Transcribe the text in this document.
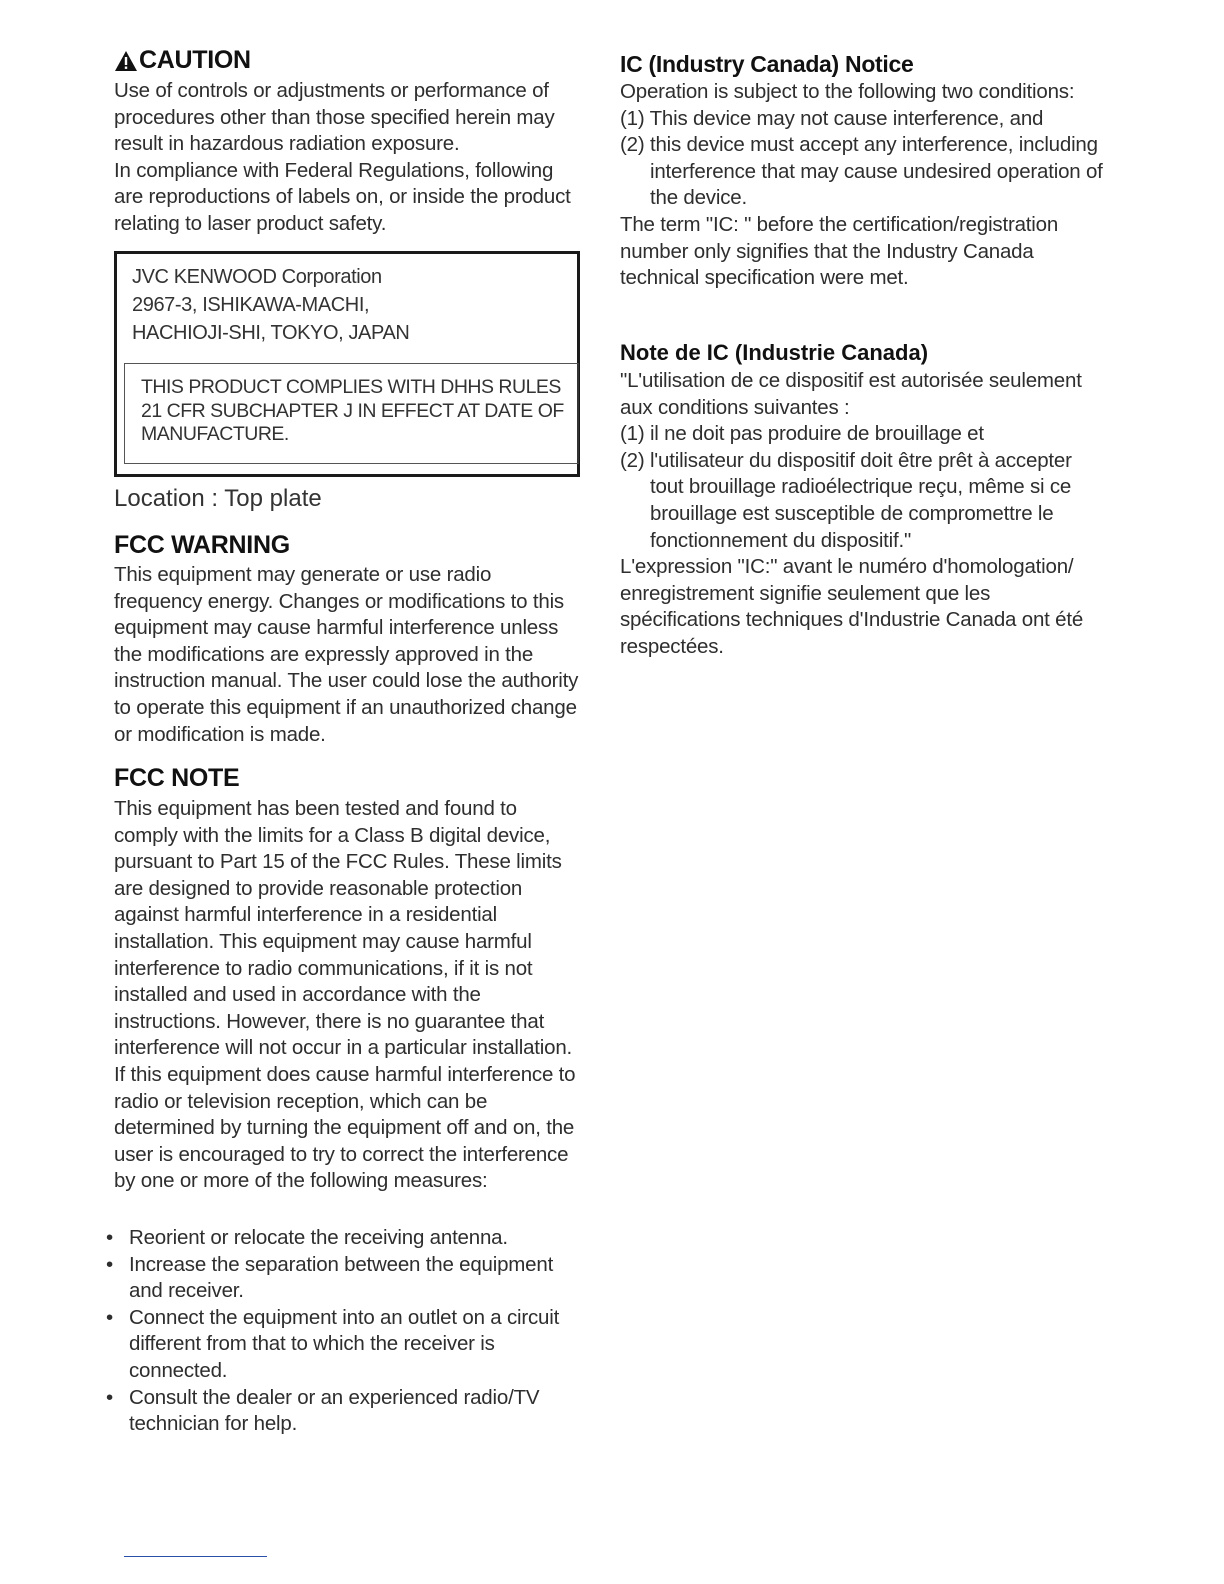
CAUTION

Use of controls or adjustments or performance of procedures other than those specified herein may result in hazardous radiation exposure.

In compliance with Federal Regulations, following are reproductions of labels on, or inside the product relating to laser product safety.

JVC KENWOOD Corporation
2967-3, ISHIKAWA-MACHI,
HACHIOJI-SHI, TOKYO, JAPAN
THIS PRODUCT COMPLIES WITH DHHS RULES
21 CFR SUBCHAPTER J IN EFFECT AT DATE OF
MANUFACTURE.
Location : Top plate
FCC WARNING

This equipment may generate or use radio frequency energy. Changes or modifications to this equipment may cause harmful interference unless the modifications are expressly approved in the instruction manual. The user could lose the authority to operate this equipment if an unauthorized change or modification is made.

FCC NOTE

This equipment has been tested and found to comply with the limits for a Class B digital device, pursuant to Part 15 of the FCC Rules. These limits are designed to provide reasonable protection against harmful interference in a residential installation. This equipment may cause harmful interference to radio communications, if it is not installed and used in accordance with the instructions. However, there is no guarantee that interference will not occur in a particular installation. If this equipment does cause harmful interference to radio or television reception, which can be determined by turning the equipment off and on, the user is encouraged to try to correct the interference by one or more of the following measures:

• Reorient or relocate the receiving antenna.
• Increase the separation between the equipment and receiver.
• Connect the equipment into an outlet on a circuit different from that to which the receiver is connected.
• Consult the dealer or an experienced radio/TV technician for help.
IC (Industry Canada) Notice

Operation is subject to the following two conditions:

(1) This device may not cause interference, and

(2) this device must accept any interference, including interference that may cause undesired operation of the device.

The term "IC: " before the certification/registration number only signifies that the Industry Canada technical specification were met.

Note de IC (Industrie Canada)

"L'utilisation de ce dispositif est autorisée seulement aux conditions suivantes :

(1) il ne doit pas produire de brouillage et

(2) l'utilisateur du dispositif doit être prêt à accepter tout brouillage radioélectrique reçu, même si ce brouillage est susceptible de compromettre le fonctionnement du dispositif."

L'expression "IC:" avant le numéro d'homologation/ enregistrement signifie seulement que les spécifications techniques d'Industrie Canada ont été respectées.
